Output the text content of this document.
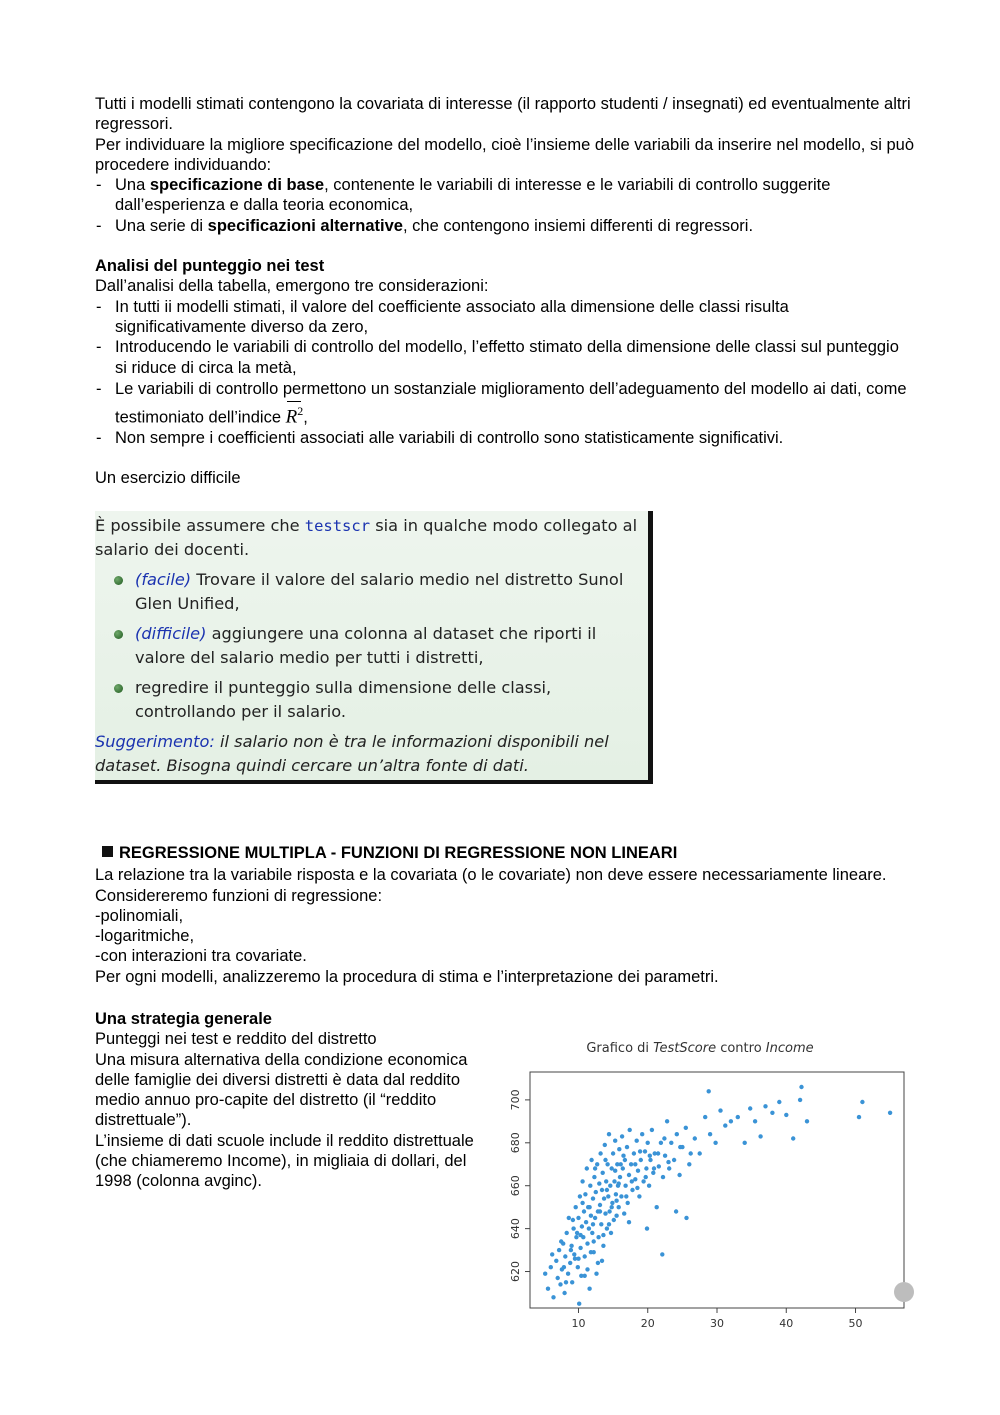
Tutti i modelli stimati contengono la covariata di interesse (il rapporto studenti / insegnati) ed eventualmente altri regressori.

Per individuare la migliore specificazione del modello, cioè l’insieme delle variabili da inserire nel modello, si può procedere individuando:

- Una specificazione di base, contenente le variabili di interesse e le variabili di controllo suggerite dall’esperienza e dalla teoria economica,
- Una serie di specificazioni alternative, che contengono insiemi differenti di regressori.

Analisi del punteggio nei test

Dall’analisi della tabella, emergono tre considerazioni:

- In tutti ii modelli stimati, il valore del coefficiente associato alla dimensione delle classi risulta significativamente diverso da zero,
- Introducendo le variabili di controllo del modello, l’effetto stimato della dimensione delle classi sul punteggio si riduce di circa la metà,
- Le variabili di controllo permettono un sostanziale miglioramento dell’adeguamento del modello ai dati, come testimoniato dell’indice $R^2$,
- Non sempre i coefficienti associati alle variabili di controllo sono statisticamente significativi.

Un esercizio difficile

È possibile assumere che testscr sia in qualche modo collegato al salario dei docenti.
(facile) Trovare il valore del salario medio nel distretto Sunol Glen Unified,
(difficile) aggiungere una colonna al dataset che riporti il valore del salario medio per tutti i distretti,
regredire il punteggio sulla dimensione delle classi, controllando per il salario.
Suggerimento: il salario non è tra le informazioni disponibili nel dataset. Bisogna quindi cercare un’altra fonte di dati.

REGRESSIONE MULTIPLA - FUNZIONI DI REGRESSIONE NON LINEARI

La relazione tra la variabile risposta e la covariata (o le covariate) non deve essere necessariamente lineare. Considereremo funzioni di regressione:

-polinomiali,

-logaritmiche,

-con interazioni tra covariate.

Per ogni modelli, analizzeremo la procedura di stima e l’interpretazione dei parametri.

Una strategia generale

Punteggi nei test e reddito del distretto

Una misura alternativa della condizione economica delle famiglie dei diversi distretti è data dal reddito medio annuo pro-capite del distretto (il “reddito distrettuale”).

L’insieme di dati scuole include il reddito distrettuale (che chiameremo Income), in migliaia di dollari, del 1998 (colonna avginc).

Grafico di TestScore contro Income
10	20	30	40	50
620
640
660
680
700
